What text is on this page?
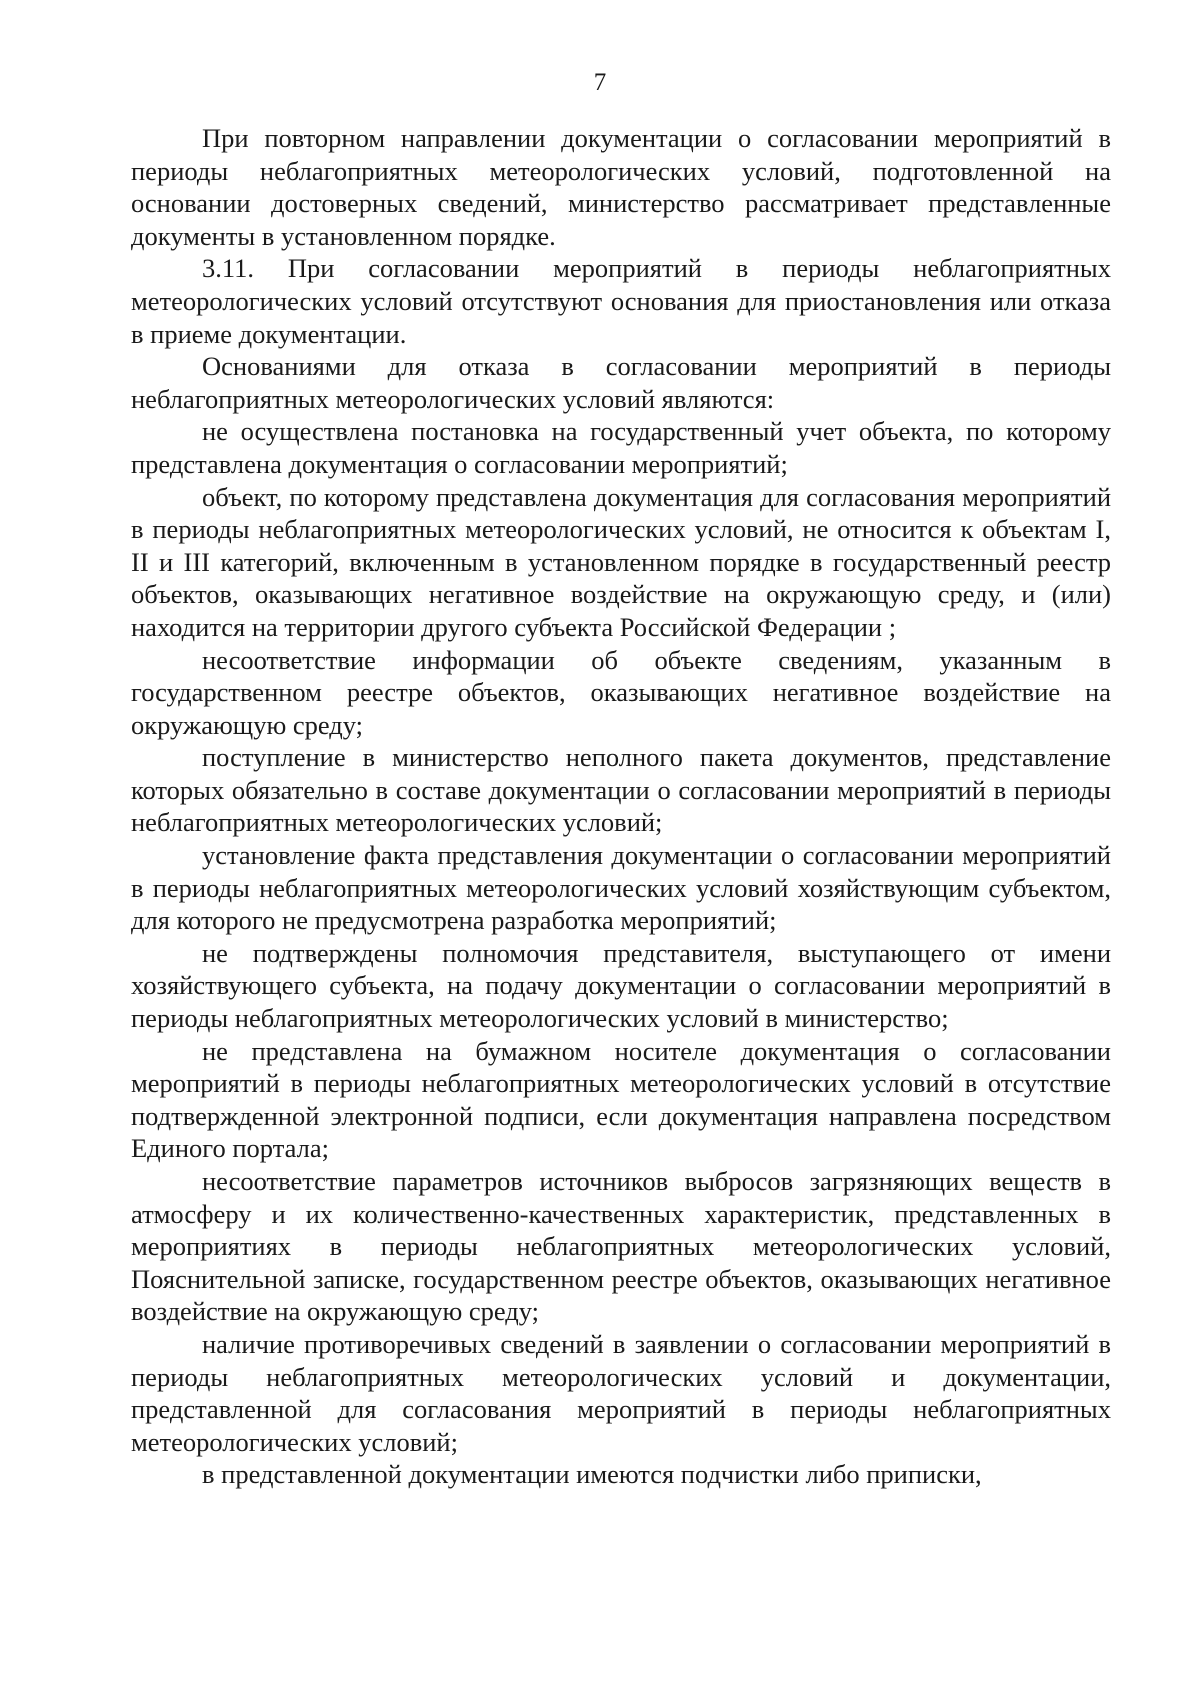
7

При повторном направлении документации о согласовании мероприятий в периоды неблагоприятных метеорологических условий, подготовленной на основании достоверных сведений, министерство рассматривает представленные документы в установленном порядке.

3.11. При согласовании мероприятий в периоды неблагоприятных метеорологических условий отсутствуют основания для приостановления или отказа в приеме документации.

Основаниями для отказа в согласовании мероприятий в периоды неблагоприятных метеорологических условий являются:

не осуществлена постановка на государственный учет объекта, по которому представлена документация о согласовании мероприятий;

объект, по которому представлена документация для согласования мероприятий в периоды неблагоприятных метеорологических условий, не относится к объектам I, II и III категорий, включенным в установленном порядке в государственный реестр объектов, оказывающих негативное воздействие на окружающую среду, и (или) находится на территории другого субъекта Российской Федерации ;

несоответствие информации об объекте сведениям, указанным в государственном реестре объектов, оказывающих негативное воздействие на окружающую среду;

поступление в министерство неполного пакета документов, представление которых обязательно в составе документации о согласовании мероприятий в периоды неблагоприятных метеорологических условий;

установление факта представления документации о согласовании мероприятий в периоды неблагоприятных метеорологических условий хозяйствующим субъектом, для которого не предусмотрена разработка мероприятий;

не подтверждены полномочия представителя, выступающего от имени хозяйствующего субъекта, на подачу документации о согласовании мероприятий в периоды неблагоприятных метеорологических условий в министерство;

не представлена на бумажном носителе документация о согласовании мероприятий в периоды неблагоприятных метеорологических условий в отсутствие подтвержденной электронной подписи, если документация направлена посредством Единого портала;

несоответствие параметров источников выбросов загрязняющих веществ в атмосферу и их количественно-качественных характеристик, представленных в мероприятиях в периоды неблагоприятных метеорологических условий, Пояснительной записке, государственном реестре объектов, оказывающих негативное воздействие на окружающую среду;

наличие противоречивых сведений в заявлении о согласовании мероприятий в периоды неблагоприятных метеорологических условий и документации, представленной для согласования мероприятий в периоды неблагоприятных метеорологических условий;

в представленной документации имеются подчистки либо приписки,
